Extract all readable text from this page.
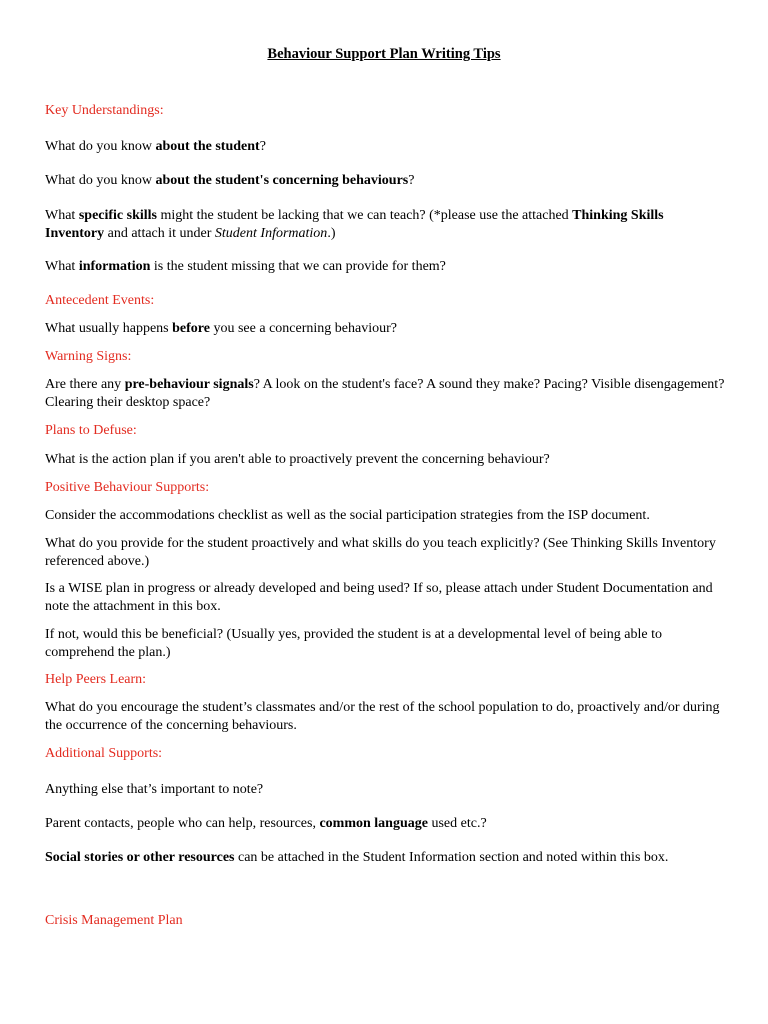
Behaviour Support Plan Writing Tips
Key Understandings:
What do you know about the student?
What do you know about the student's concerning behaviours?
What specific skills might the student be lacking that we can teach? (*please use the attached Thinking Skills Inventory and attach it under Student Information.)
What information is the student missing that we can provide for them?
Antecedent Events:
What usually happens before you see a concerning behaviour?
Warning Signs:
Are there any pre-behaviour signals? A look on the student's face? A sound they make? Pacing? Visible disengagement? Clearing their desktop space?
Plans to Defuse:
What is the action plan if you aren't able to proactively prevent the concerning behaviour?
Positive Behaviour Supports:
Consider the accommodations checklist as well as the social participation strategies from the ISP document.
What do you provide for the student proactively and what skills do you teach explicitly? (See Thinking Skills Inventory referenced above.)
Is a WISE plan in progress or already developed and being used? If so, please attach under Student Documentation and note the attachment in this box.
If not, would this be beneficial? (Usually yes, provided the student is at a developmental level of being able to comprehend the plan.)
Help Peers Learn:
What do you encourage the student’s classmates and/or the rest of the school population to do, proactively and/or during the occurrence of the concerning behaviours.
Additional Supports:
Anything else that’s important to note?
Parent contacts, people who can help, resources, common language used etc.?
Social stories or other resources can be attached in the Student Information section and noted within this box.
Crisis Management Plan
